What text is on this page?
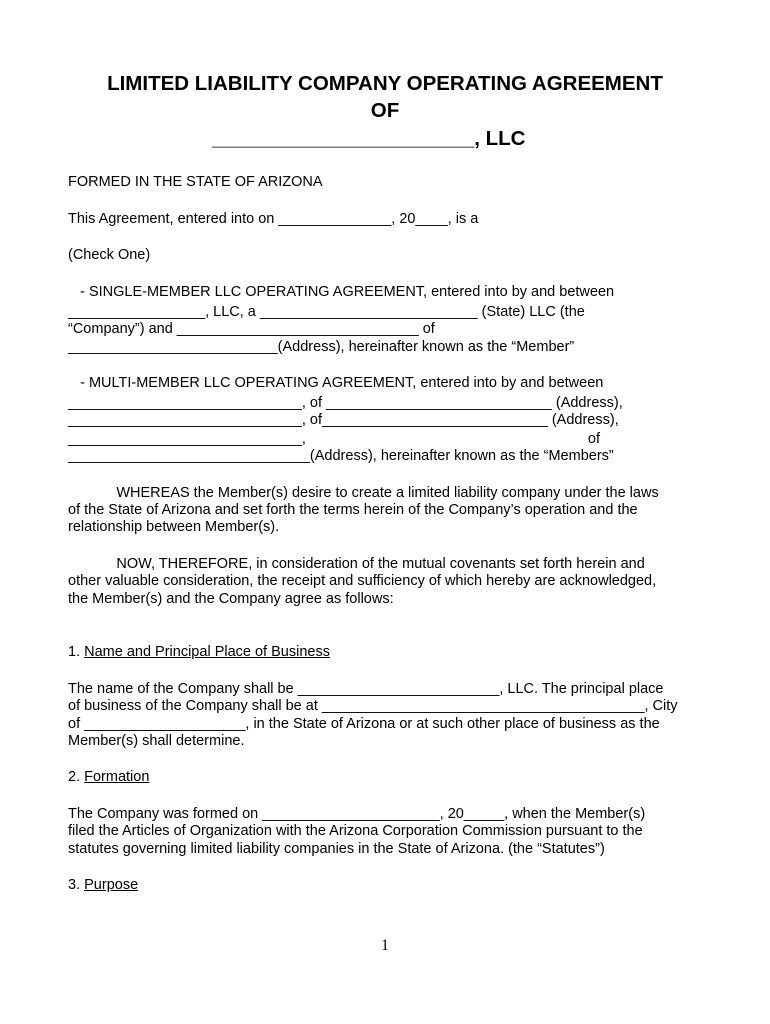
LIMITED LIABILITY COMPANY OPERATING AGREEMENT
OF
_______________________, LLC

FORMED IN THE STATE OF ARIZONA

This Agreement, entered into on ______________, 20____, is a

(Check One)

- SINGLE-MEMBER LLC OPERATING AGREEMENT, entered into by and between

_________________, LLC, a ___________________________ (State) LLC (the

“Company”) and ______________________________ of

__________________________(Address), hereinafter known as the “Member”

- MULTI-MEMBER LLC OPERATING AGREEMENT, entered into by and between

_____________________________, of ____________________________ (Address),

_____________________________, of____________________________ (Address),

_____________________________,                                                                      of

______________________________(Address), hereinafter known as the “Members”

WHEREAS the Member(s) desire to create a limited liability company under the laws

of the State of Arizona and set forth the terms herein of the Company’s operation and the

relationship between Member(s).

NOW, THEREFORE, in consideration of the mutual covenants set forth herein and

other valuable consideration, the receipt and sufficiency of which hereby are acknowledged,

the Member(s) and the Company agree as follows:

1. Name and Principal Place of Business

The name of the Company shall be _________________________, LLC. The principal place

of business of the Company shall be at ________________________________________, City

of ____________________, in the State of Arizona or at such other place of business as the

Member(s) shall determine.

2. Formation

The Company was formed on ______________________, 20_____, when the Member(s)

filed the Articles of Organization with the Arizona Corporation Commission pursuant to the

statutes governing limited liability companies in the State of Arizona. (the “Statutes”)

3. Purpose

1
